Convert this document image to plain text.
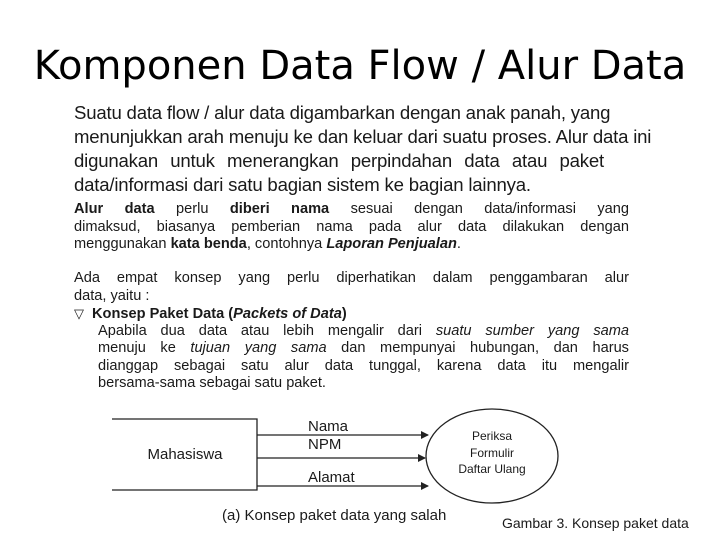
Komponen Data Flow / Alur Data
Suatu data flow / alur data digambarkan dengan anak panah, yang
menunjukkan arah menuju ke dan keluar dari suatu proses. Alur data ini
digunakan untuk menerangkan perpindahan data atau paket
data/informasi dari satu bagian sistem ke bagian lainnya.
Alur data perlu diberi nama sesuai dengan data/informasi yang
dimaksud, biasanya pemberian nama pada alur data dilakukan dengan
menggunakan kata benda, contohnya Laporan Penjualan.
Ada empat konsep yang perlu diperhatikan dalam penggambaran alur
data, yaitu :
▽ Konsep Paket Data (Packets of Data)
Apabila dua data atau lebih mengalir dari suatu sumber yang sama
menuju ke tujuan yang sama dan mempunyai hubungan, dan harus
dianggap sebagai satu alur data tunggal, karena data itu mengalir
bersama-sama sebagai satu paket.
Mahasiswa
Nama
NPM
Alamat
Periksa
Formulir
Daftar Ulang
(a) Konsep paket data yang salah	Gambar 3. Konsep paket data
